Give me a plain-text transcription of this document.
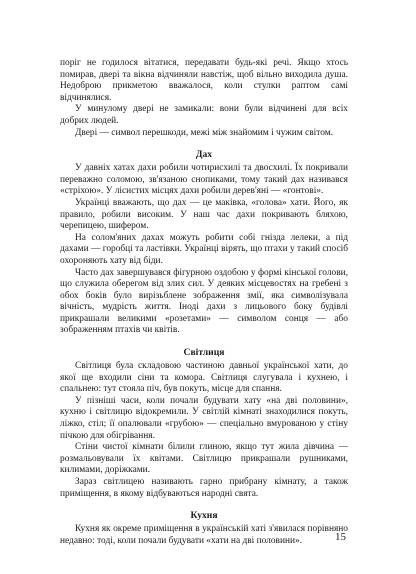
поріг не годилося вітатися, передавати будь-які речі. Якщо хтось помирав, двері та вікна відчиняли навстіж, щоб вільно виходила душа. Недоброю прикметою вважалося, коли стулки раптом самі відчинялися.

У минулому двері не замикали: вони були відчинені для всіх добрих людей.

Двері — символ перешкоди, межі між знайомим і чужим світом.

Дах

У давніх хатах дахи робили чотирисхилі та двосхилі. Їх покривали переважно соломою, зв'язаною снопиками, тому такий дах називався «стріхою». У лісистих місцях дахи робили дерев'яні — «гонтові».

Українці вважають, що дах — це маківка, «голова» хати. Його, як правило, робили високим. У наш час дахи покривають бляхою, черепицею, шифером.

На солом'яних дахах можуть робити собі гнізда лелеки, а під дахами — горобці та ластівки. Українці вірять, що птахи у такий спосіб охороняють хату від біди.

Часто дах завершувався фігурною оздобою у формі кінської голови, що служила оберегом від злих сил. У деяких місцевостях на гребені з обох боків було вирізьблене зображення змії, яка символізувала вічність, мудрість життя. Іноді дахи з лицьового боку будівлі прикрашали великими «розетами» — символом сонця — або зображенням птахів чи квітів.

Світлиця

Світлиця була складовою частиною давньої української хати, до якої ще входили сіни та комора. Світлиця слугувала і кухнею, і спальнею: тут стояла піч, був покуть, місце для спання.

У пізніші часи, коли почали будувати хату «на дві половини», кухню і світлицю відокремили. У світлій кімнаті знаходилися покуть, ліжко, стіл; її опалювали «грубою» — спеціально вмурованою у стіну пічкою для обігрівання.

Стіни чистої кімнати білили глиною, якщо тут жила дівчина — розмальовували їх квітами. Світлицю прикрашали рушниками, килимами, доріжками.

Зараз світлицею називають гарно прибрану кімнату, а також приміщення, в якому відбуваються народні свята.

Кухня

Кухня як окреме приміщення в українській хаті з'явилася порівняно недавно: тоді, коли почали будувати «хати на дві половини».	15
